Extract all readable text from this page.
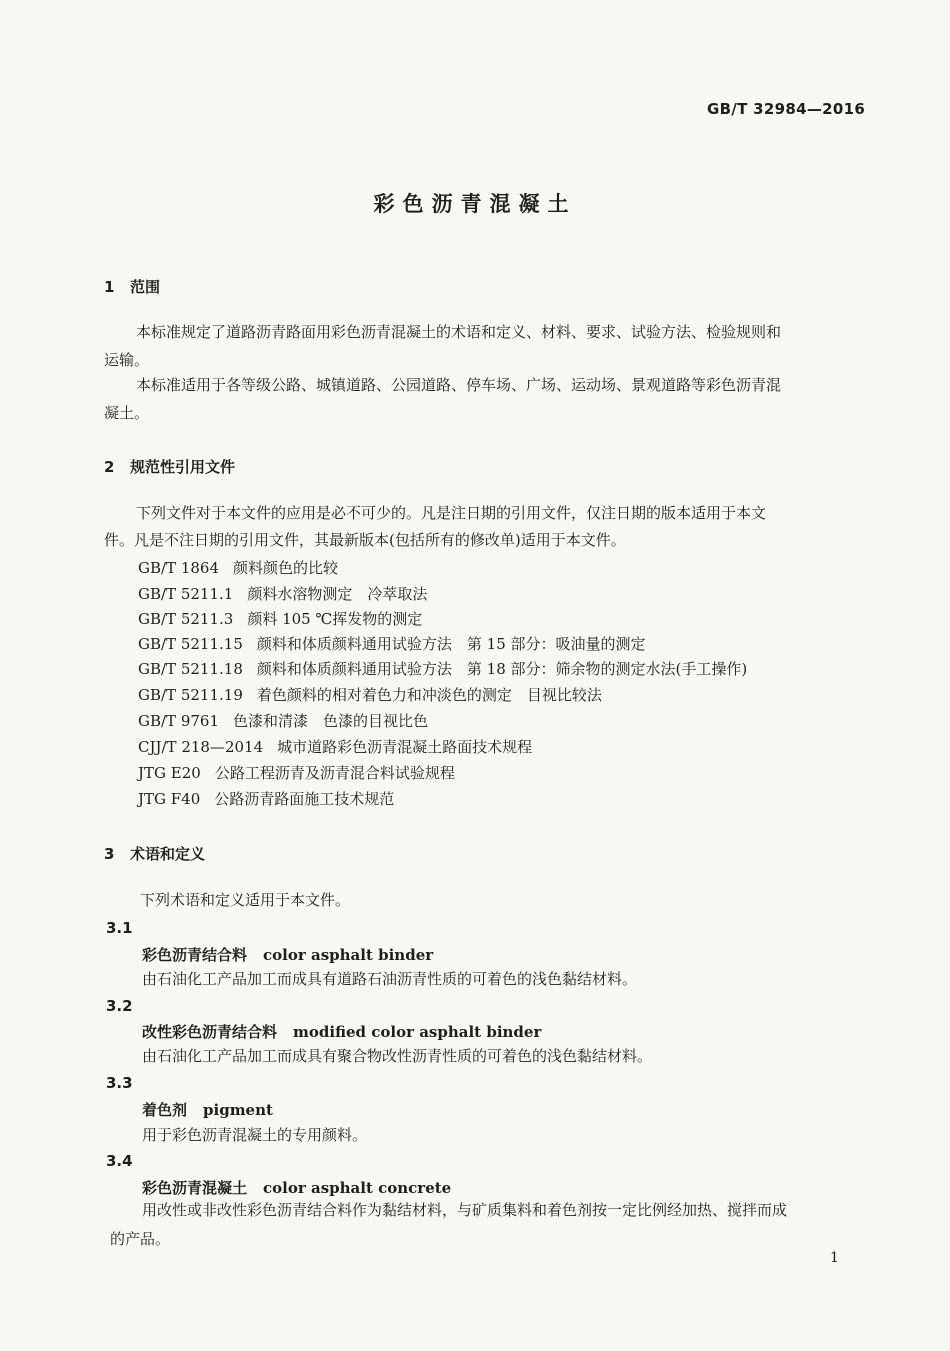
GB/T 32984—2016
彩色沥青混凝土
1 范围
本标准规定了道路沥青路面用彩色沥青混凝土的术语和定义、材料、要求、试验方法、检验规则和
运输。
本标准适用于各等级公路、城镇道路、公园道路、停车场、广场、运动场、景观道路等彩色沥青混
凝土。
2 规范性引用文件
下列文件对于本文件的应用是必不可少的。凡是注日期的引用文件，仅注日期的版本适用于本文
件。凡是不注日期的引用文件，其最新版本(包括所有的修改单)适用于本文件。
GB/T 1864 颜料颜色的比较
GB/T 5211.1 颜料水溶物测定　冷萃取法
GB/T 5211.3 颜料 105 ℃挥发物的测定
GB/T 5211.15 颜料和体质颜料通用试验方法　第 15 部分：吸油量的测定
GB/T 5211.18 颜料和体质颜料通用试验方法　第 18 部分：筛余物的测定水法(手工操作)
GB/T 5211.19 着色颜料的相对着色力和冲淡色的测定　目视比较法
GB/T 9761 色漆和清漆　色漆的目视比色
CJJ/T 218—2014 城市道路彩色沥青混凝土路面技术规程
JTG E20 公路工程沥青及沥青混合料试验规程
JTG F40 公路沥青路面施工技术规范
3 术语和定义
下列术语和定义适用于本文件。
3.1
彩色沥青结合料 color asphalt binder
由石油化工产品加工而成具有道路石油沥青性质的可着色的浅色黏结材料。
3.2
改性彩色沥青结合料 modified color asphalt binder
由石油化工产品加工而成具有聚合物改性沥青性质的可着色的浅色黏结材料。
3.3
着色剂 pigment
用于彩色沥青混凝土的专用颜料。
3.4
彩色沥青混凝土 color asphalt concrete
用改性或非改性彩色沥青结合料作为黏结材料，与矿质集料和着色剂按一定比例经加热、搅拌而成
的产品。
1
